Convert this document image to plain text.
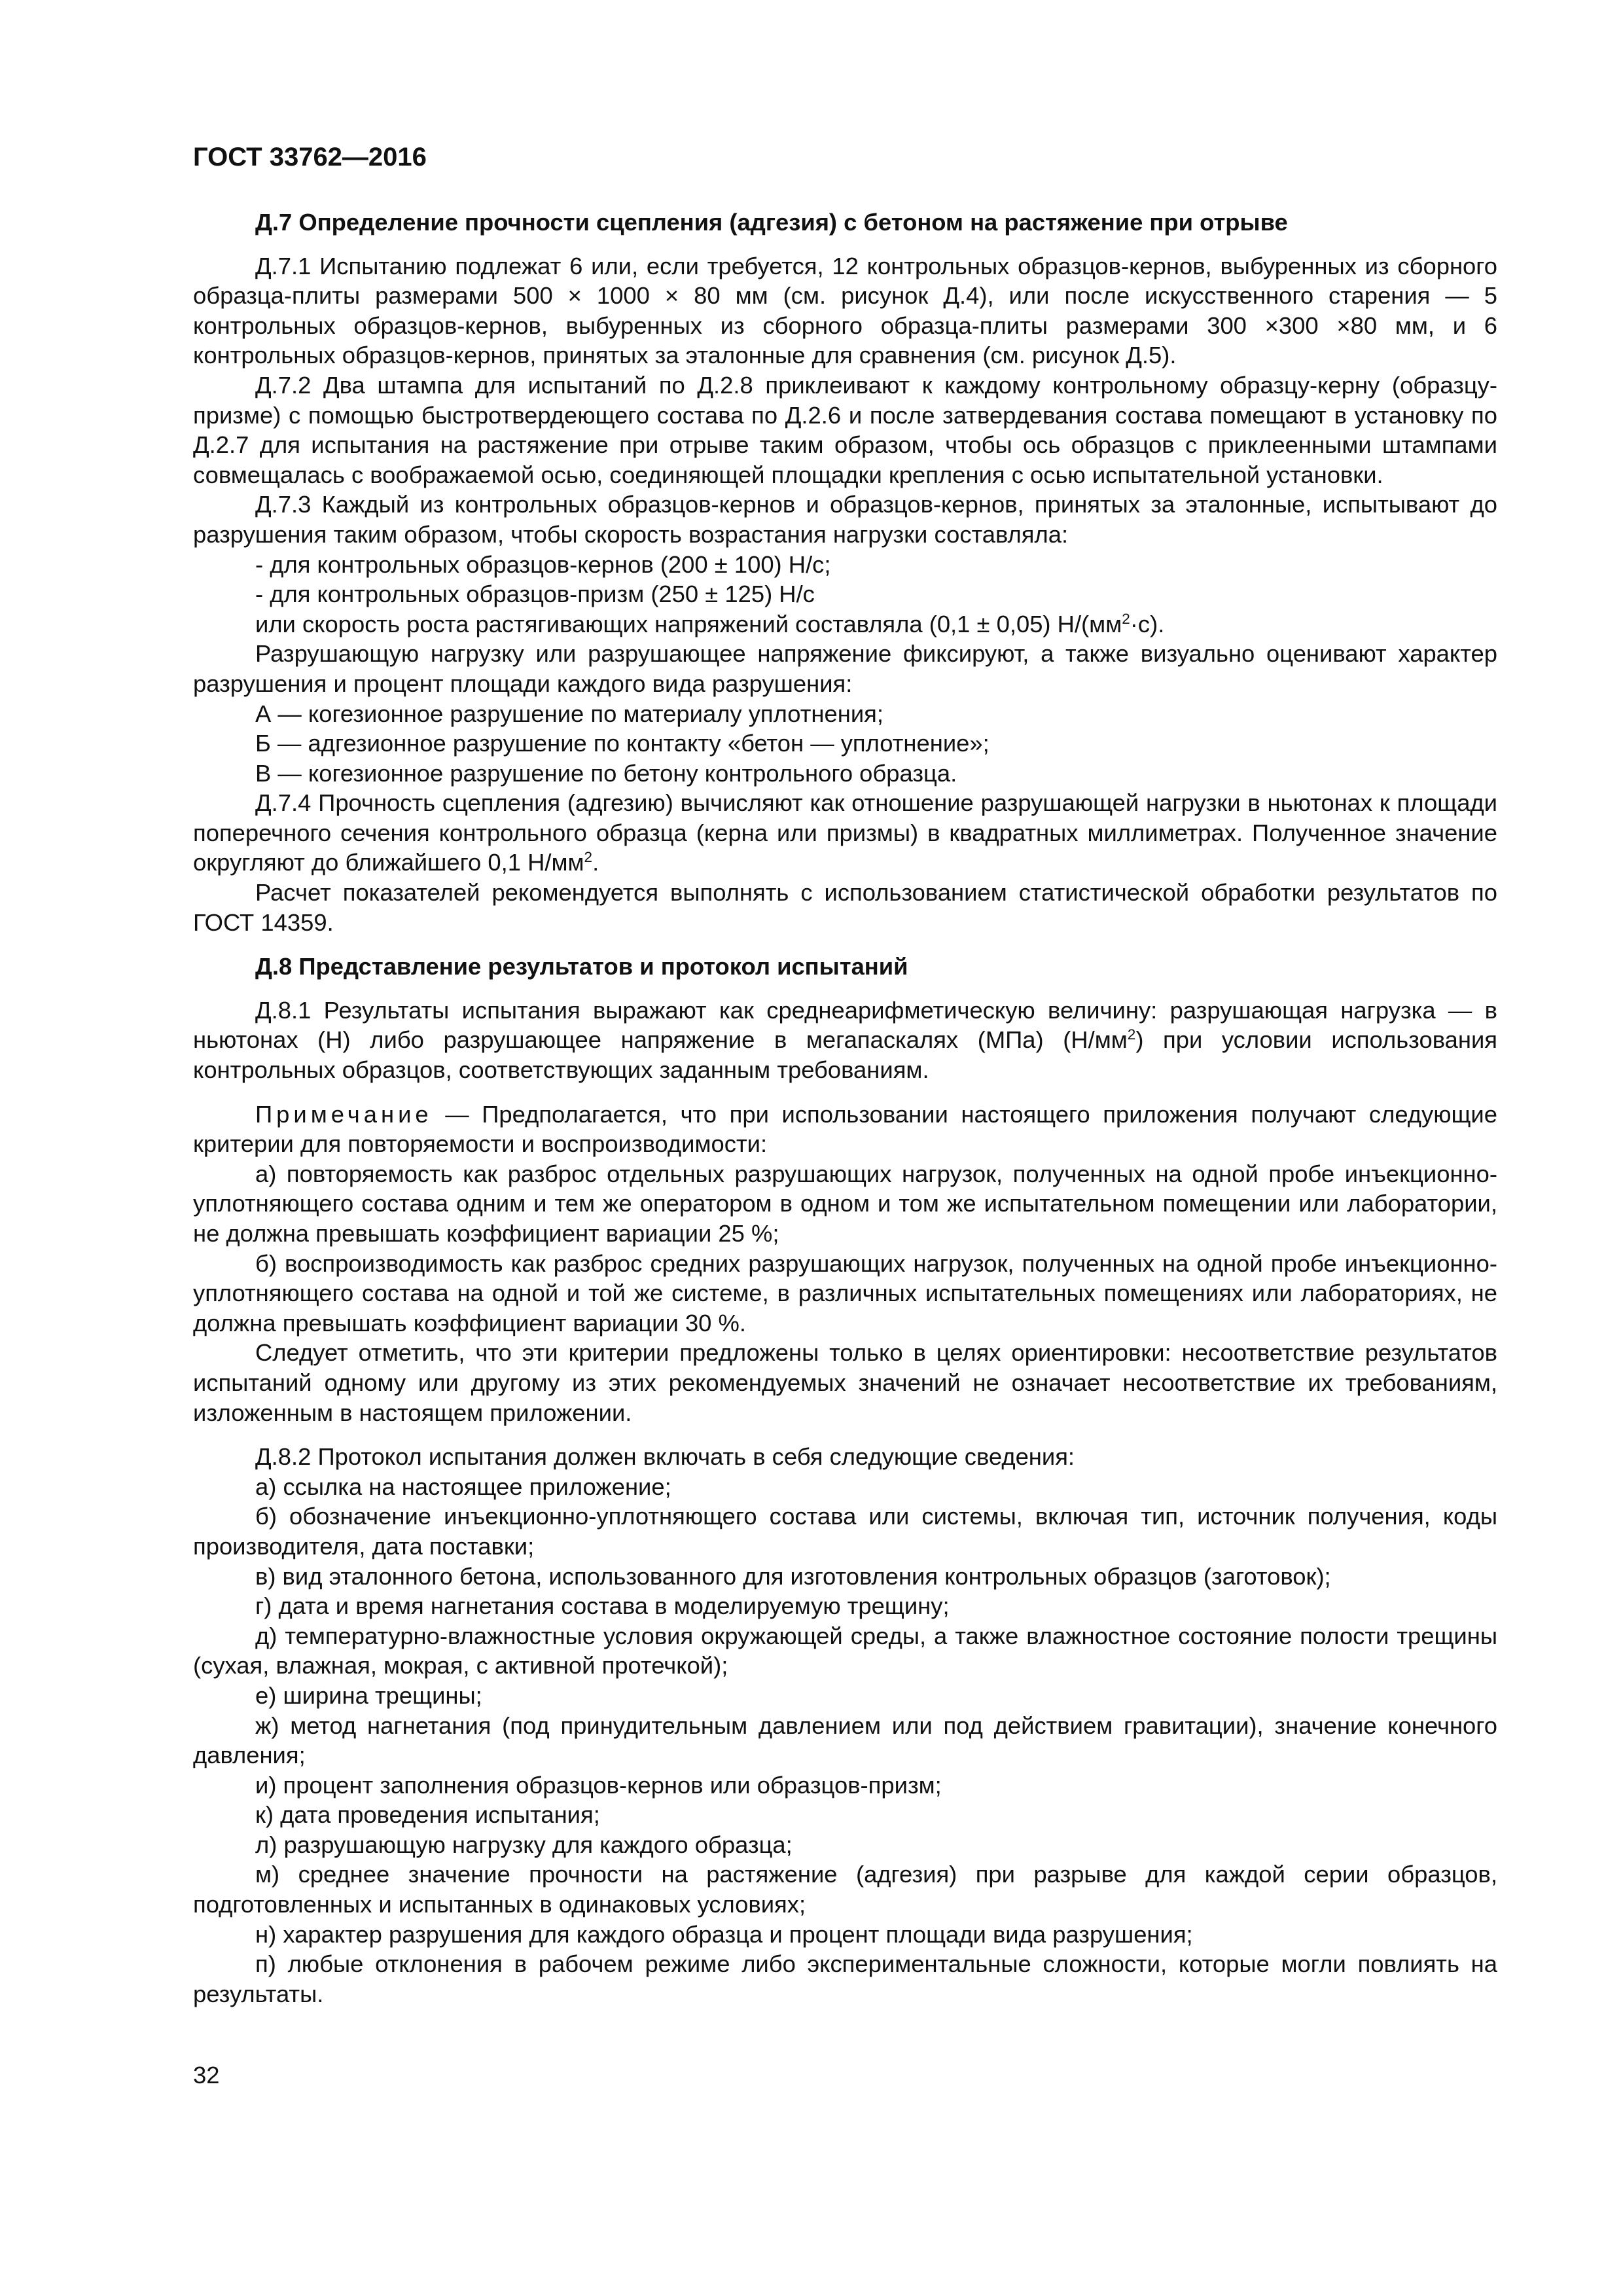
ГОСТ 33762—2016
Д.7 Определение прочности сцепления (адгезия) с бетоном на растяжение при отрыве

Д.7.1 Испытанию подлежат 6 или, если требуется, 12 контрольных образцов-кернов, выбуренных из сборного образца-плиты размерами 500 × 1000 × 80 мм (см. рисунок Д.4), или после искусственного старения — 5 контрольных образцов-кернов, выбуренных из сборного образца-плиты размерами 300 ×300 ×80 мм, и 6 контрольных образцов-кернов, принятых за эталонные для сравнения (см. рисунок Д.5).

Д.7.2 Два штампа для испытаний по Д.2.8 приклеивают к каждому контрольному образцу-керну (образцу-призме) с помощью быстротвердеющего состава по Д.2.6 и после затвердевания состава помещают в установку по Д.2.7 для испытания на растяжение при отрыве таким образом, чтобы ось образцов с приклеенными штампами совмещалась с воображаемой осью, соединяющей площадки крепления с осью испытательной установки.

Д.7.3 Каждый из контрольных образцов-кернов и образцов-кернов, принятых за эталонные, испытывают до разрушения таким образом, чтобы скорость возрастания нагрузки составляла:

- для контрольных образцов-кернов (200 ± 100) Н/с;

- для контрольных образцов-призм (250 ± 125) Н/с

или скорость роста растягивающих напряжений составляла (0,1 ± 0,05) $Н/(мм^2\cdot с)$.

Разрушающую нагрузку или разрушающее напряжение фиксируют, а также визуально оценивают характер разрушения и процент площади каждого вида разрушения:

А — когезионное разрушение по материалу уплотнения;

Б — адгезионное разрушение по контакту «бетон — уплотнение»;

В — когезионное разрушение по бетону контрольного образца.

Д.7.4 Прочность сцепления (адгезию) вычисляют как отношение разрушающей нагрузки в ньютонах к площади поперечного сечения контрольного образца (керна или призмы) в квадратных миллиметрах. Полученное значение округляют до ближайшего 0,1 $Н/мм^2$.

Расчет показателей рекомендуется выполнять с использованием статистической обработки результатов по ГОСТ 14359.

Д.8 Представление результатов и протокол испытаний

Д.8.1 Результаты испытания выражают как среднеарифметическую величину: разрушающая нагрузка — в ньютонах (Н) либо разрушающее напряжение в мегапаскалях (МПа) $(Н/мм^2)$ при условии использования контрольных образцов, соответствующих заданным требованиям.

Примечание — Предполагается, что при использовании настоящего приложения получают следующие критерии для повторяемости и воспроизводимости:

а) повторяемость как разброс отдельных разрушающих нагрузок, полученных на одной пробе инъекционно-уплотняющего состава одним и тем же оператором в одном и том же испытательном помещении или лаборатории, не должна превышать коэффициент вариации 25 %;

б) воспроизводимость как разброс средних разрушающих нагрузок, полученных на одной пробе инъекционно-уплотняющего состава на одной и той же системе, в различных испытательных помещениях или лабораториях, не должна превышать коэффициент вариации 30 %.

Следует отметить, что эти критерии предложены только в целях ориентировки: несоответствие результатов испытаний одному или другому из этих рекомендуемых значений не означает несоответствие их требованиям, изложенным в настоящем приложении.

Д.8.2 Протокол испытания должен включать в себя следующие сведения:

а) ссылка на настоящее приложение;

б) обозначение инъекционно-уплотняющего состава или системы, включая тип, источник получения, коды производителя, дата поставки;

в) вид эталонного бетона, использованного для изготовления контрольных образцов (заготовок);

г) дата и время нагнетания состава в моделируемую трещину;

д) температурно-влажностные условия окружающей среды, а также влажностное состояние полости трещины (сухая, влажная, мокрая, с активной протечкой);

е) ширина трещины;

ж) метод нагнетания (под принудительным давлением или под действием гравитации), значение конечного давления;

и) процент заполнения образцов-кернов или образцов-призм;

к) дата проведения испытания;

л) разрушающую нагрузку для каждого образца;

м) среднее значение прочности на растяжение (адгезия) при разрыве для каждой серии образцов, подготовленных и испытанных в одинаковых условиях;

н) характер разрушения для каждого образца и процент площади вида разрушения;

п) любые отклонения в рабочем режиме либо экспериментальные сложности, которые могли повлиять на результаты.

32
